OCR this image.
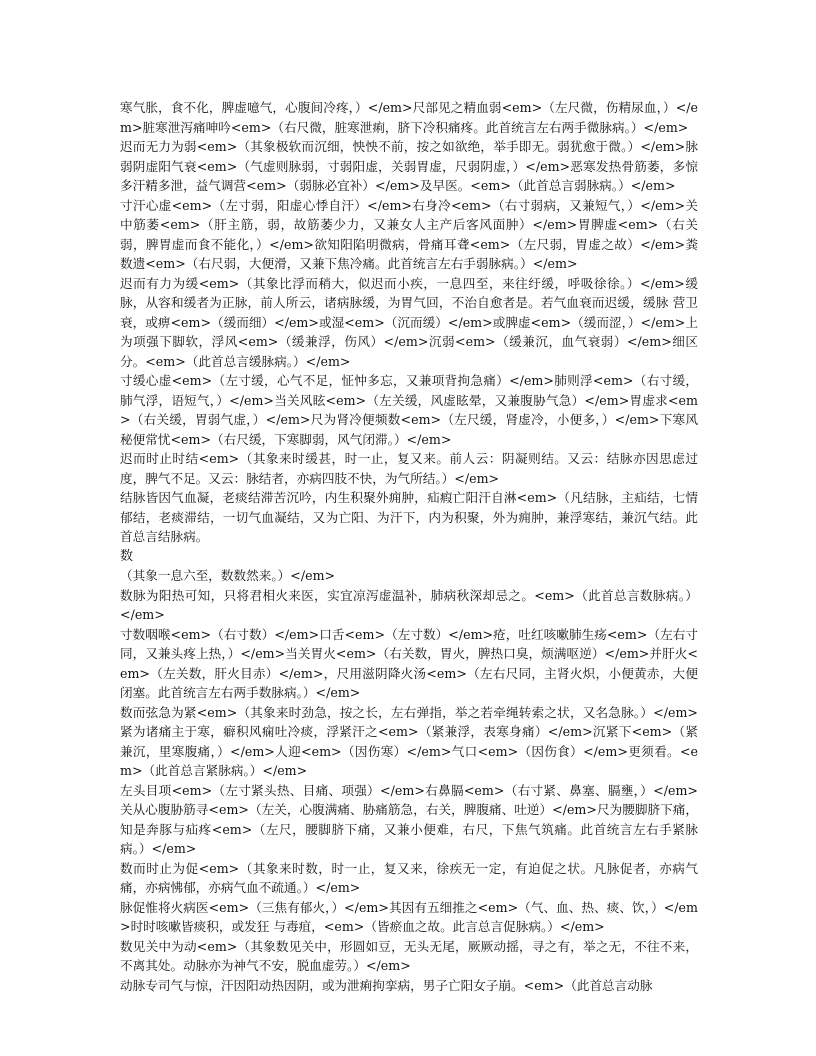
寒气胀，食不化，脾虚噫气，心腹间冷疼，）</em>尺部见之精血弱<em>（左尺微，伤精尿血，）</em>脏寒泄泻痛呻吟<em>（右尺微，脏寒泄痢，脐下冷积痛疼。此首统言左右两手微脉病。）</em>

迟而无力为弱<em>（其象极软而沉细，怏怏不前，按之如欲绝，举手即无。弱犹愈于微。）</em>脉弱阴虚阳气衰<em>（气虚则脉弱，寸弱阳虚，关弱胃虚，尺弱阴虚，）</em>恶寒发热骨筋萎，多惊多汗精多泄，益气调营<em>（弱脉必宜补）</em>及早医。<em>（此首总言弱脉病。）</em>

寸汗心虚<em>（左寸弱，阳虚心悸自汗）</em>右身冷<em>（右寸弱病，又兼短气，）</em>关中筋萎<em>（肝主筋，弱，故筋萎少力，又兼女人主产后客风面肿）</em>胃脾虚<em>（右关弱，脾胃虚而食不能化，）</em>欲知阳陷明微病，骨痛耳聋<em>（左尺弱，胃虚之故）</em>粪数遗<em>（右尺弱，大便滑，又兼下焦冷痛。此首统言左右手弱脉病。）</em>

迟而有力为缓<em>（其象比浮而稍大，似迟而小疾，一息四至，来往纡缓，呼吸徐徐。）</em>缓脉，从容和缓者为正脉，前人所云，诸病脉缓，为胃气回，不治自愈者是。若气血衰而迟缓，缓脉 营卫衰，或痹<em>（缓而细）</em>或湿<em>（沉而缓）</em>或脾虚<em>（缓而涩，）</em>上为项强下脚软，浮风<em>（缓兼浮，伤风）</em>沉弱<em>（缓兼沉，血气衰弱）</em>细区分。<em>（此首总言缓脉病。）</em>

寸缓心虚<em>（左寸缓，心气不足，怔忡多忘，又兼项背拘急痛）</em>肺则浮<em>（右寸缓，肺气浮，语短气，）</em>当关风眩<em>（左关缓，风虚眩晕，又兼腹胁气急）</em>胃虚求<em>（右关缓，胃弱气虚，）</em>尺为肾冷便频数<em>（左尺缓，肾虚冷，小便多，）</em>下寒风秘便常忧<em>（右尺缓，下寒脚弱，风气闭滞。）</em>

迟而时止时结<em>（其象来时缓甚，时一止，复又来。前人云：阴凝则结。又云：结脉亦因思虑过度，脾气不足。又云：脉结者，亦病四肢不快，为气所结。）</em>

结脉皆因气血凝，老痰结滞苦沉吟，内生积聚外痈肿，疝瘕亡阳汗自淋<em>（凡结脉，主疝结，七情郁结，老痰滞结，一切气血凝结，又为亡阳、为汗下，内为积聚，外为痈肿，兼浮寒结，兼沉气结。此首总言结脉病。

数

（其象一息六至，数数然来。）</em>

数脉为阳热可知，只将君相火来医，实宜凉泻虚温补，肺病秋深却忌之。<em>（此首总言数脉病。）</em>

寸数咽喉<em>（右寸数）</em>口舌<em>（左寸数）</em>疮，吐红咳嗽肺生疡<em>（左右寸同，又兼头疼上热，）</em>当关胃火<em>（右关数，胃火，脾热口臭，烦满呕逆）</em>并肝火<em>（左关数，肝火目赤）</em>，尺用滋阴降火汤<em>（左右尺同，主肾火炽，小便黄赤，大便闭塞。此首统言左右两手数脉病。）</em>

数而弦急为紧<em>（其象来时劲急，按之长，左右弹指，举之若牵绳转索之状，又名急脉。）</em>紧为诸痛主于寒，癖积风痫吐冷痰，浮紧汗之<em>（紧兼浮，表寒身痛）</em>沉紧下<em>（紧兼沉，里寒腹痛，）</em>人迎<em>（因伤寒）</em>气口<em>（因伤食）</em>更须看。<em>（此首总言紧脉病。）</em>

左头目项<em>（左寸紧头热、目痛、项强）</em>右鼻膈<em>（右寸紧、鼻塞、膈壅，）</em>关从心腹胁筋寻<em>（左关，心腹满痛、胁痛筋急，右关，脾腹痛、吐逆）</em>尺为腰脚脐下痛，知是奔豚与疝疼<em>（左尺，腰脚脐下痛，又兼小便难，右尺，下焦气筑痛。此首统言左右手紧脉病。）</em>

数而时止为促<em>（其象来时数，时一止，复又来，徐疾无一定，有迫促之状。凡脉促者，亦病气痛，亦病怫郁，亦病气血不疏通。）</em>

脉促惟将火病医<em>（三焦有郁火，）</em>其因有五细推之<em>（气、血、热、痰、饮，）</em>时时咳嗽皆痰积，或发狂 与毒疽，<em>（皆瘀血之故。此言总言促脉病。）</em>

数见关中为动<em>（其象数见关中，形圆如豆，无头无尾，厥厥动摇，寻之有，举之无，不往不来，不离其处。动脉亦为神气不安，脱血虚劳。）</em>

动脉专司气与惊，汗因阳动热因阴，或为泄痢拘挛病，男子亡阳女子崩。<em>（此首总言动脉
